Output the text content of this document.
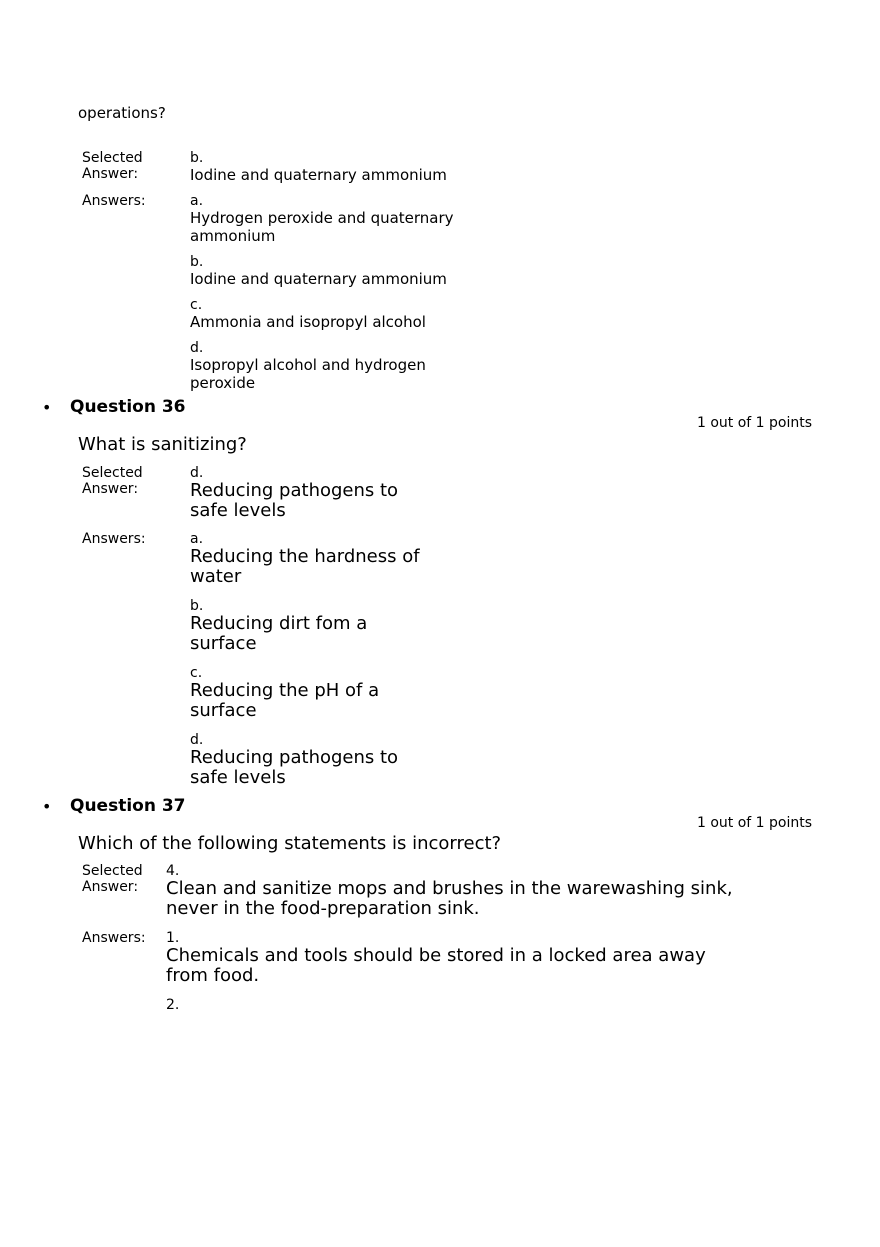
operations?
Selected
Answer:
b.
Iodine and quaternary ammonium
Answers:	a.
Hydrogen peroxide and quaternary
ammonium
b.
Iodine and quaternary ammonium
c.
Ammonia and isopropyl alcohol
d.
Isopropyl alcohol and hydrogen
peroxide
• Question 36
1 out of 1 points
What is sanitizing?
Selected
Answer:
d.
Reducing pathogens to
safe levels
Answers:	a.
Reducing the hardness of
water
b.
Reducing dirt fom a
surface
c.
Reducing the pH of a
surface
d.
Reducing pathogens to
safe levels
• Question 37
1 out of 1 points
Which of the following statements is incorrect?
Selected
Answer:
4.
Clean and sanitize mops and brushes in the warewashing sink,
never in the food-preparation sink.
Answers: 1.
Chemicals and tools should be stored in a locked area away
from food.
2.
